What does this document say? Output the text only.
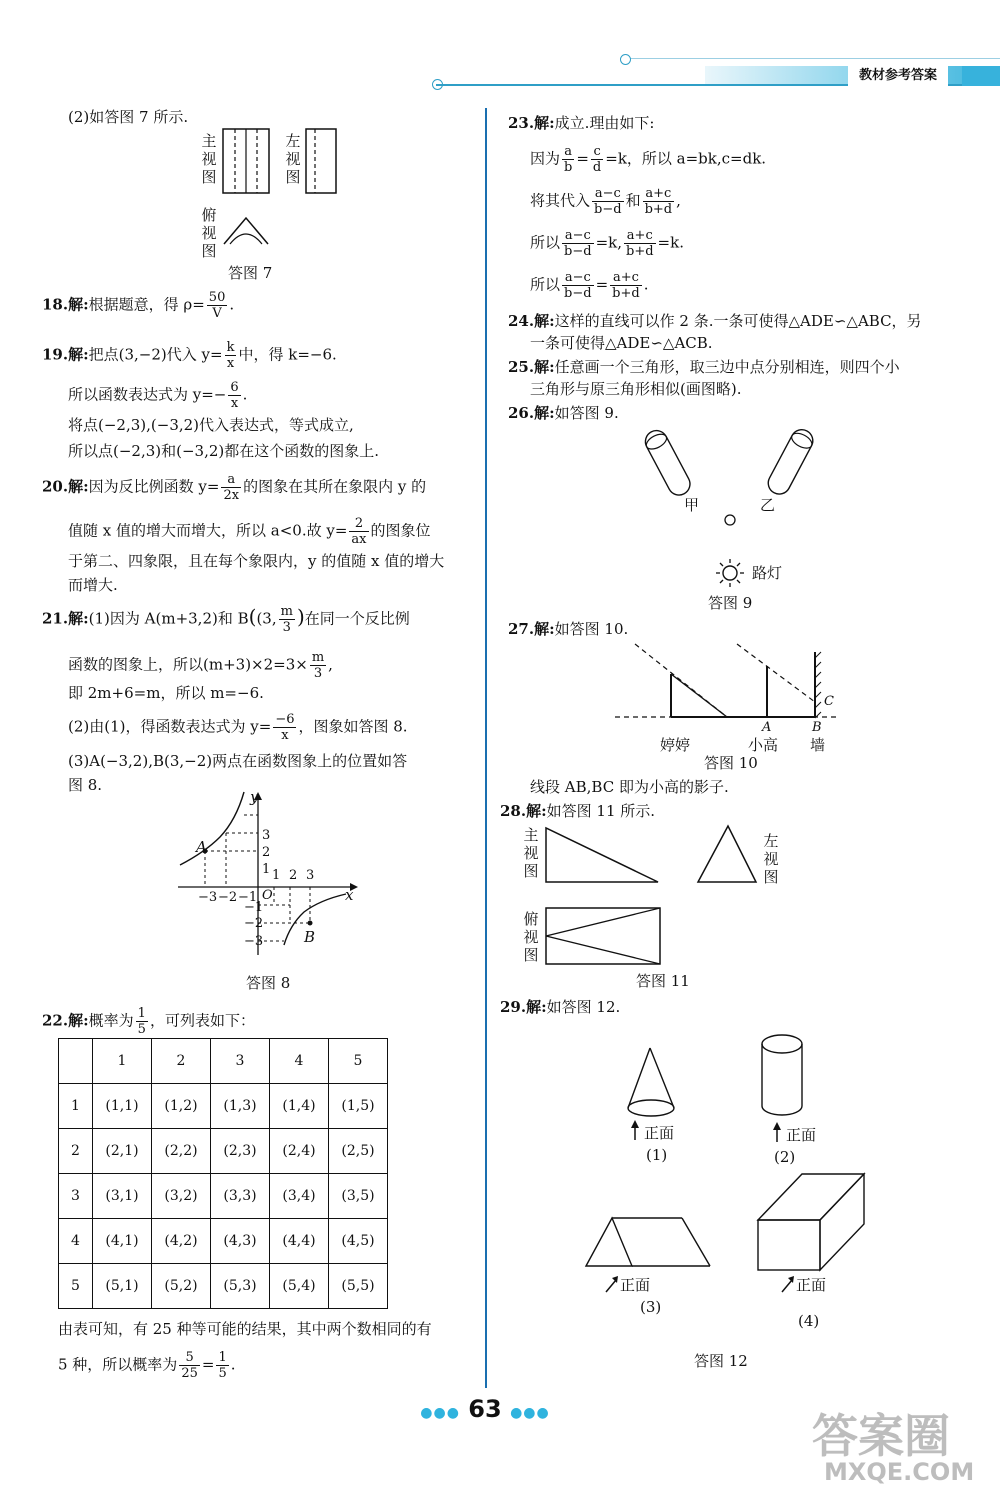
教材参考答案
(2)如答图 7 所示.
主视图
左视图
俯视图
答图 7
18.解:根据题意，得 $\rho= \frac{50}{V}$ .
19.解:把点(3,−2)代入 $y= \frac{k}{x}$ 中，得 k=−6.
所以函数表达式为 $y=- \frac{6}{x}$ .
将点(−2,3),(−3,2)代入表达式，等式成立,
所以点(−2,3)和(−3,2)都在这个函数的图象上.
20.解:因为反比例函数 $y= \frac{a}{2x}$ 的图象在其所在象限内 y 的
值随 x 值的增大而增大，所以 a<0.故 $y= \frac{2}{ax}$ 的图象位
于第二、四象限，且在每个象限内，y 的值随 x 值的增大
而增大.
21.解:(1)因为 A(m+3,2)和 B((3, $\frac{m}{3}$ )在同一个反比例
函数的图象上，所以$(m+3)\times 2=3\times \frac{m}{3}$ ,
即 2m+6=m，所以 m=−6.
(2)由(1)，得函数表达式为 $y= \frac{-6}{x}$ ，图象如答图 8.
(3)A(−3,2),B(3,−2)两点在函数图象上的位置如答
图 8.
y
x
O
A
B
−3 −2 −1
1 2 3
3
2
1
−1
−2
−3
答图 8
22.解:概率为 $\frac{1}{5}$ ，可列表如下：
	1	2	3	4	5
1	(1,1)	(1,2)	(1,3)	(1,4)	(1,5)
2	(2,1)	(2,2)	(2,3)	(2,4)	(2,5)
3	(3,1)	(3,2)	(3,3)	(3,4)	(3,5)
4	(4,1)	(4,2)	(4,3)	(4,4)	(4,5)
5	(5,1)	(5,2)	(5,3)	(5,4)	(5,5)
由表可知，有 25 种等可能的结果，其中两个数相同的有
5 种，所以概率为 $\frac{5}{25} = \frac{1}{5}$ .
23.解:成立.理由如下:
因为 $\frac{a}{b} = \frac{c}{d} =k$，所以 a=bk,c=dk.
将其代入 $\frac{a-c}{b-d}$ 和 $\frac{a+c}{b+d}$ ,
所以 $\frac{a-c}{b-d} =k$, $\frac{a+c}{b+d} =k$.
所以 $\frac{a-c}{b-d} = \frac{a+c}{b+d}$ .
24.解:这样的直线可以作 2 条.一条可使得△ADE∽△ABC，另
一条可使得△ADE∽△ACB.
25.解:任意画一个三角形，取三边中点分别相连，则四个小
三角形与原三角形相似(画图略).
26.解:如答图 9.
甲	乙
路灯
答图 9
27.解:如答图 10.
C
A	B
婷婷	小高 墙
答图 10
线段 AB,BC 即为小高的影子.
28.解:如答图 11 所示.
主视图
左视图
俯视图
答图 11
29.解:如答图 12.
正面
(1)
正面
(2)
正面
(3)
正面
(4)
答图 12
●●● 63 ●●●	答案圈
MXQE.COM
